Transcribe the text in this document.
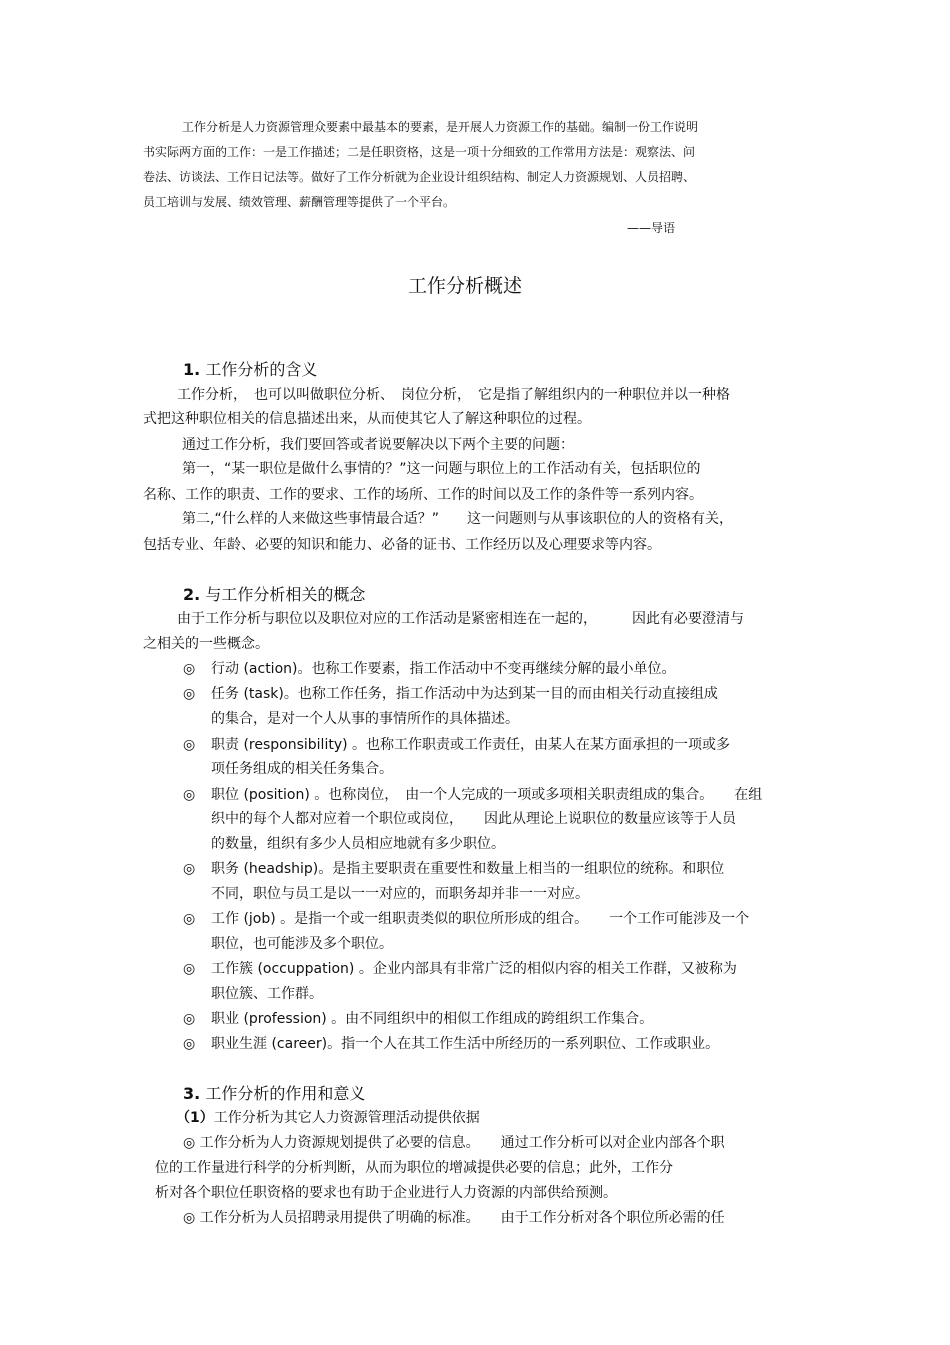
工作分析是人力资源管理众要素中最基本的要素，是开展人力资源工作的基础。编制一份工作说明
书实际两方面的工作：一是工作描述；二是任职资格，这是一项十分细致的工作常用方法是：观察法、问
卷法、访谈法、工作日记法等。做好了工作分析就为企业设计组织结构、制定人力资源规划、人员招聘、
员工培训与发展、绩效管理、薪酬管理等提供了一个平台。
——导语
工作分析概述
1. 工作分析的含义
工作分析，　也可以叫做职位分析、　岗位分析，　它是指了解组织内的一种职位并以一种格
式把这种职位相关的信息描述出来，从而使其它人了解这种职位的过程。
通过工作分析，我们要回答或者说要解决以下两个主要的问题：
第一，“某一职位是做什么事情的？”这一问题与职位上的工作活动有关，包括职位的
名称、工作的职责、工作的要求、工作的场所、工作的时间以及工作的条件等一系列内容。
第二,“什么样的人来做这些事情最合适？”　　这一问题则与从事该职位的人的资格有关，
包括专业、年龄、必要的知识和能力、必备的证书、工作经历以及心理要求等内容。
2. 与工作分析相关的概念
由于工作分析与职位以及职位对应的工作活动是紧密相连在一起的，　　　因此有必要澄清与
之相关的一些概念。
◎ 行动 (action)。也称工作要素，指工作活动中不变再继续分解的最小单位。
◎ 任务 (task)。也称工作任务，指工作活动中为达到某一目的而由相关行动直接组成
的集合，是对一个人从事的事情所作的具体描述。
◎ 职责 (responsibility) 。也称工作职责或工作责任，由某人在某方面承担的一项或多
项任务组成的相关任务集合。
◎ 职位 (position) 。也称岗位，　由一个人完成的一项或多项相关职责组成的集合。　　在组
织中的每个人都对应着一个职位或岗位，　　因此从理论上说职位的数量应该等于人员
的数量，组织有多少人员相应地就有多少职位。
◎ 职务 (headship)。是指主要职责在重要性和数量上相当的一组职位的统称。和职位
不同，职位与员工是以一一对应的，而职务却并非一一对应。
◎ 工作 (job) 。是指一个或一组职责类似的职位所形成的组合。　　一个工作可能涉及一个
职位，也可能涉及多个职位。
◎ 工作簇 (occuppation) 。企业内部具有非常广泛的相似内容的相关工作群，又被称为
职位簇、工作群。
◎ 职业 (profession) 。由不同组织中的相似工作组成的跨组织工作集合。
◎ 职业生涯 (career)。指一个人在其工作生活中所经历的一系列职位、工作或职业。
3. 工作分析的作用和意义
（1）工作分析为其它人力资源管理活动提供依据
◎ 工作分析为人力资源规划提供了必要的信息。　　通过工作分析可以对企业内部各个职
位的工作量进行科学的分析判断，从而为职位的增减提供必要的信息；此外，工作分
析对各个职位任职资格的要求也有助于企业进行人力资源的内部供给预测。
◎ 工作分析为人员招聘录用提供了明确的标准。　　由于工作分析对各个职位所必需的任
